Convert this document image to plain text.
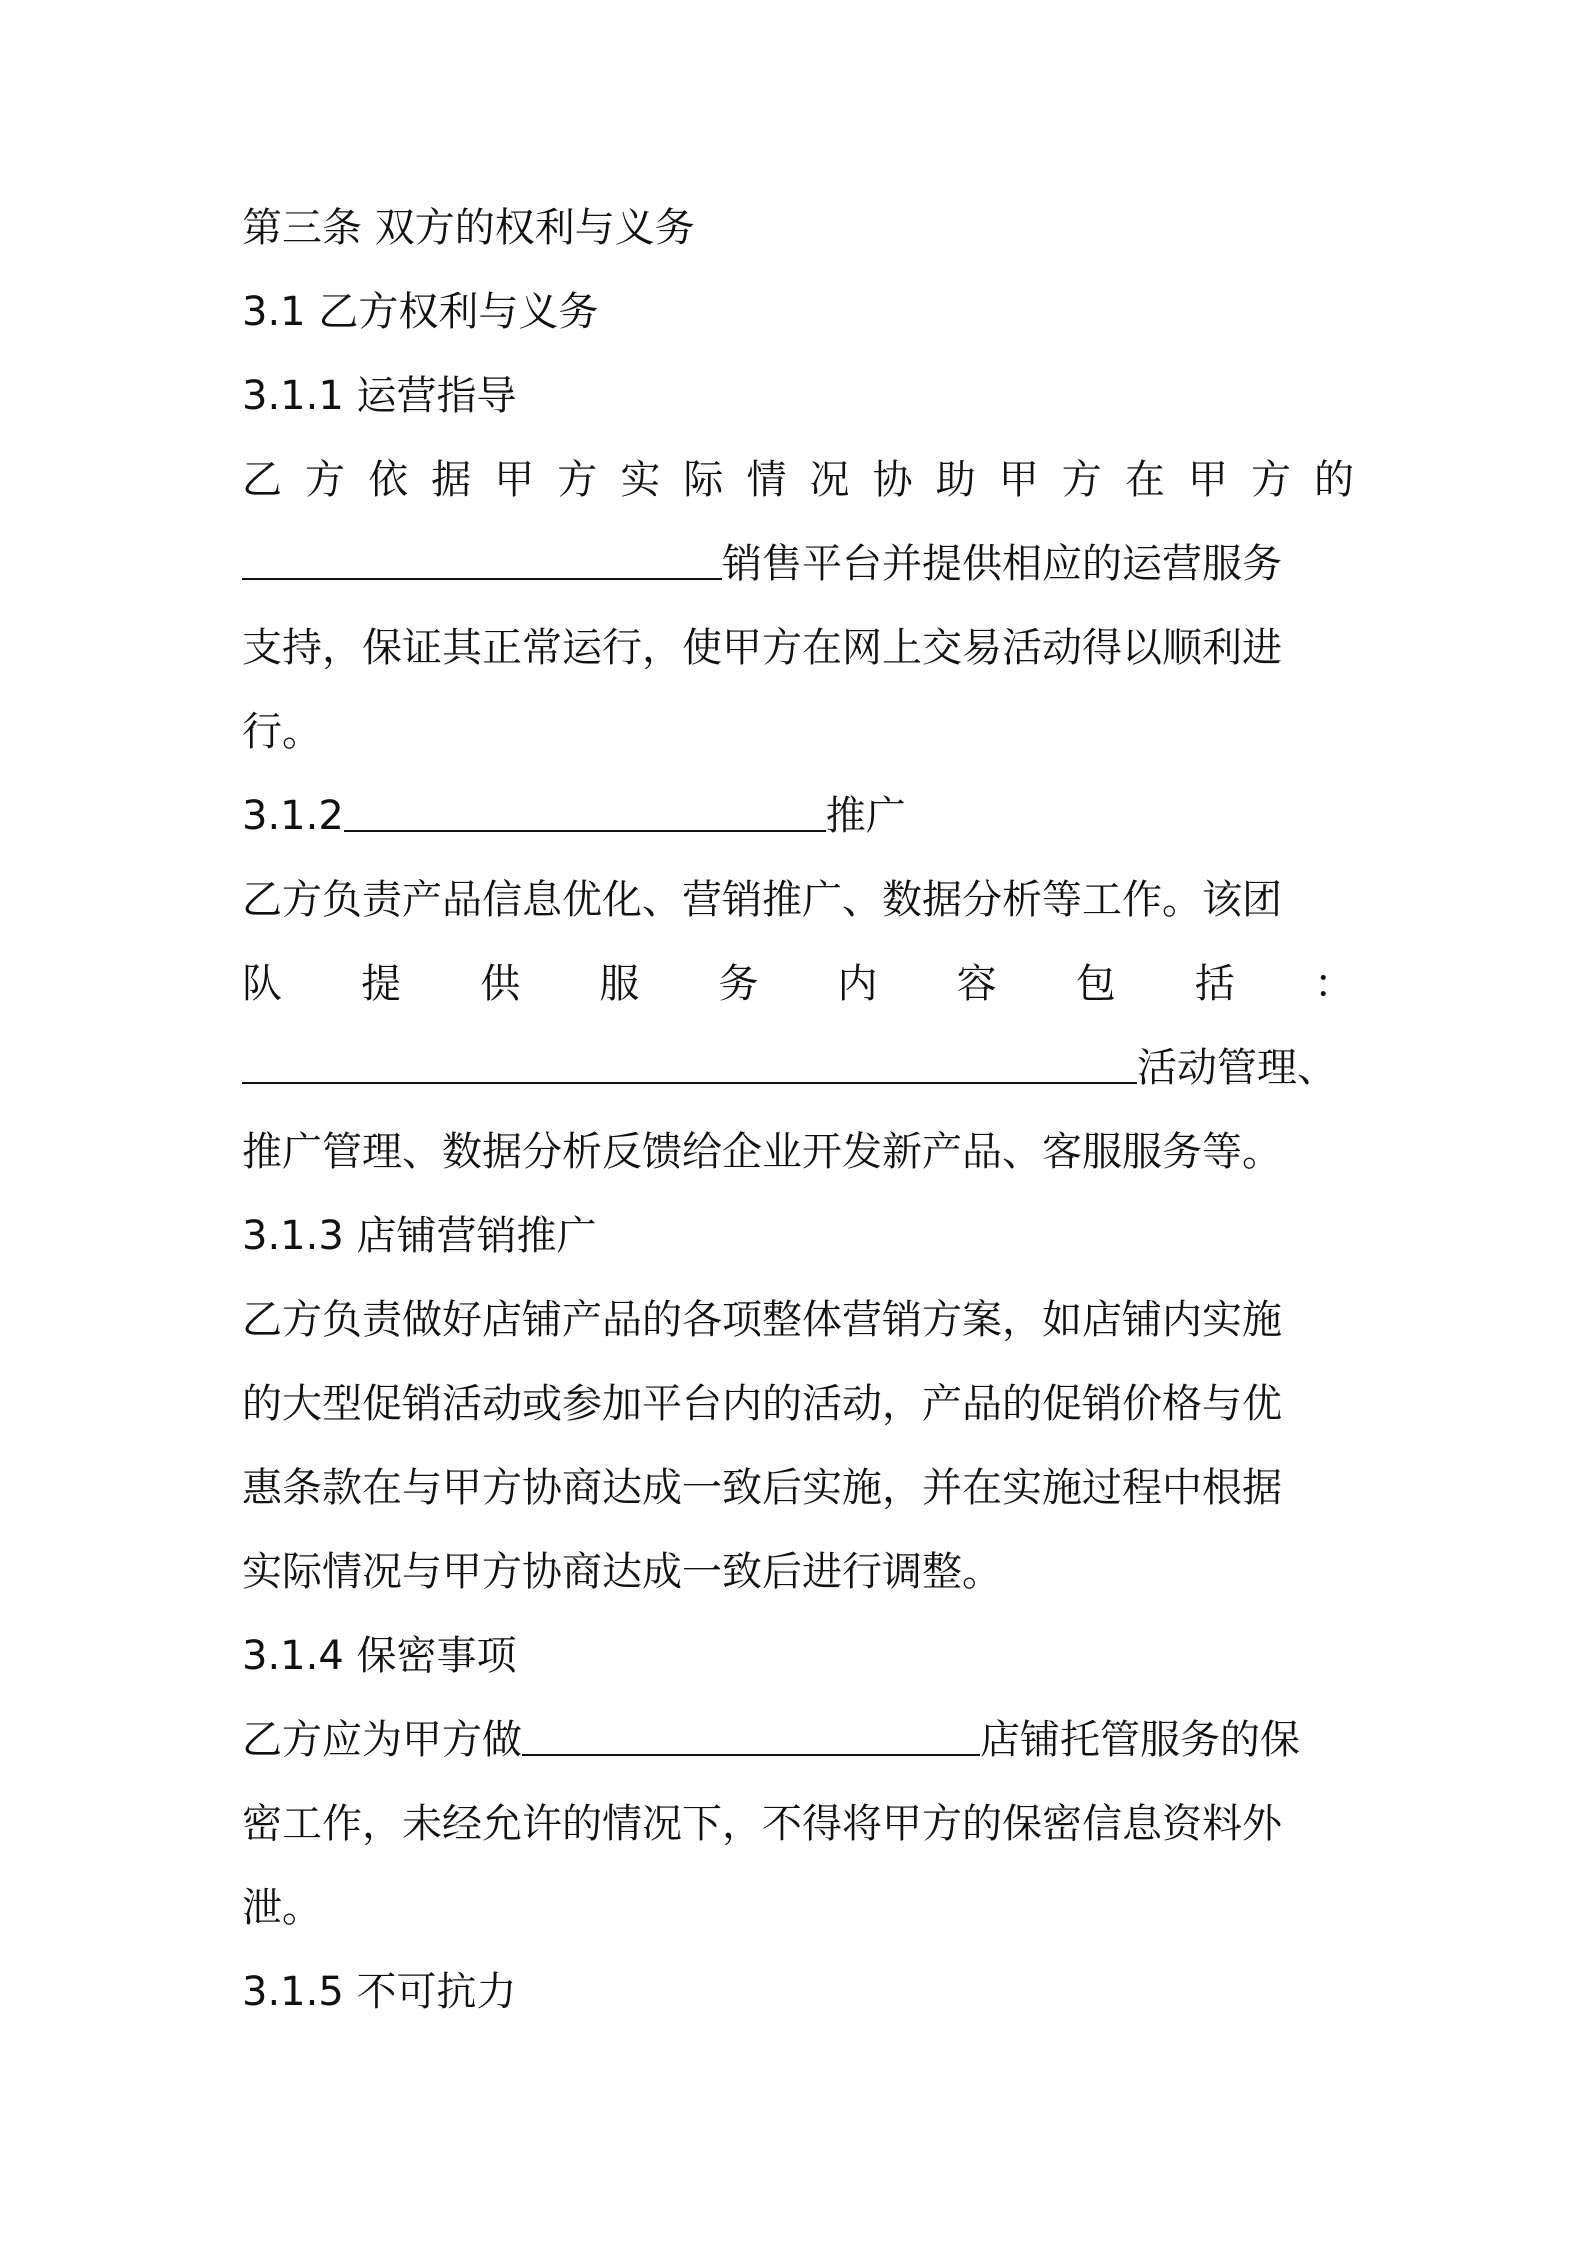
第三条 双方的权利与义务
3.1 乙方权利与义务
3.1.1 运营指导
乙方依据甲方实际情况协助甲方在甲方的
销售平台并提供相应的运营服务
支持，保证其正常运行，使甲方在网上交易活动得以顺利进
行。
3.1.2	推广
乙方负责产品信息优化、营销推广、数据分析等工作。该团
队提供服务内容包括：
活动管理、
推广管理、数据分析反馈给企业开发新产品、客服服务等。
3.1.3 店铺营销推广
乙方负责做好店铺产品的各项整体营销方案，如店铺内实施
的大型促销活动或参加平台内的活动，产品的促销价格与优
惠条款在与甲方协商达成一致后实施，并在实施过程中根据
实际情况与甲方协商达成一致后进行调整。
3.1.4 保密事项
乙方应为甲方做	店铺托管服务的保
密工作，未经允许的情况下，不得将甲方的保密信息资料外
泄。
3.1.5 不可抗力
